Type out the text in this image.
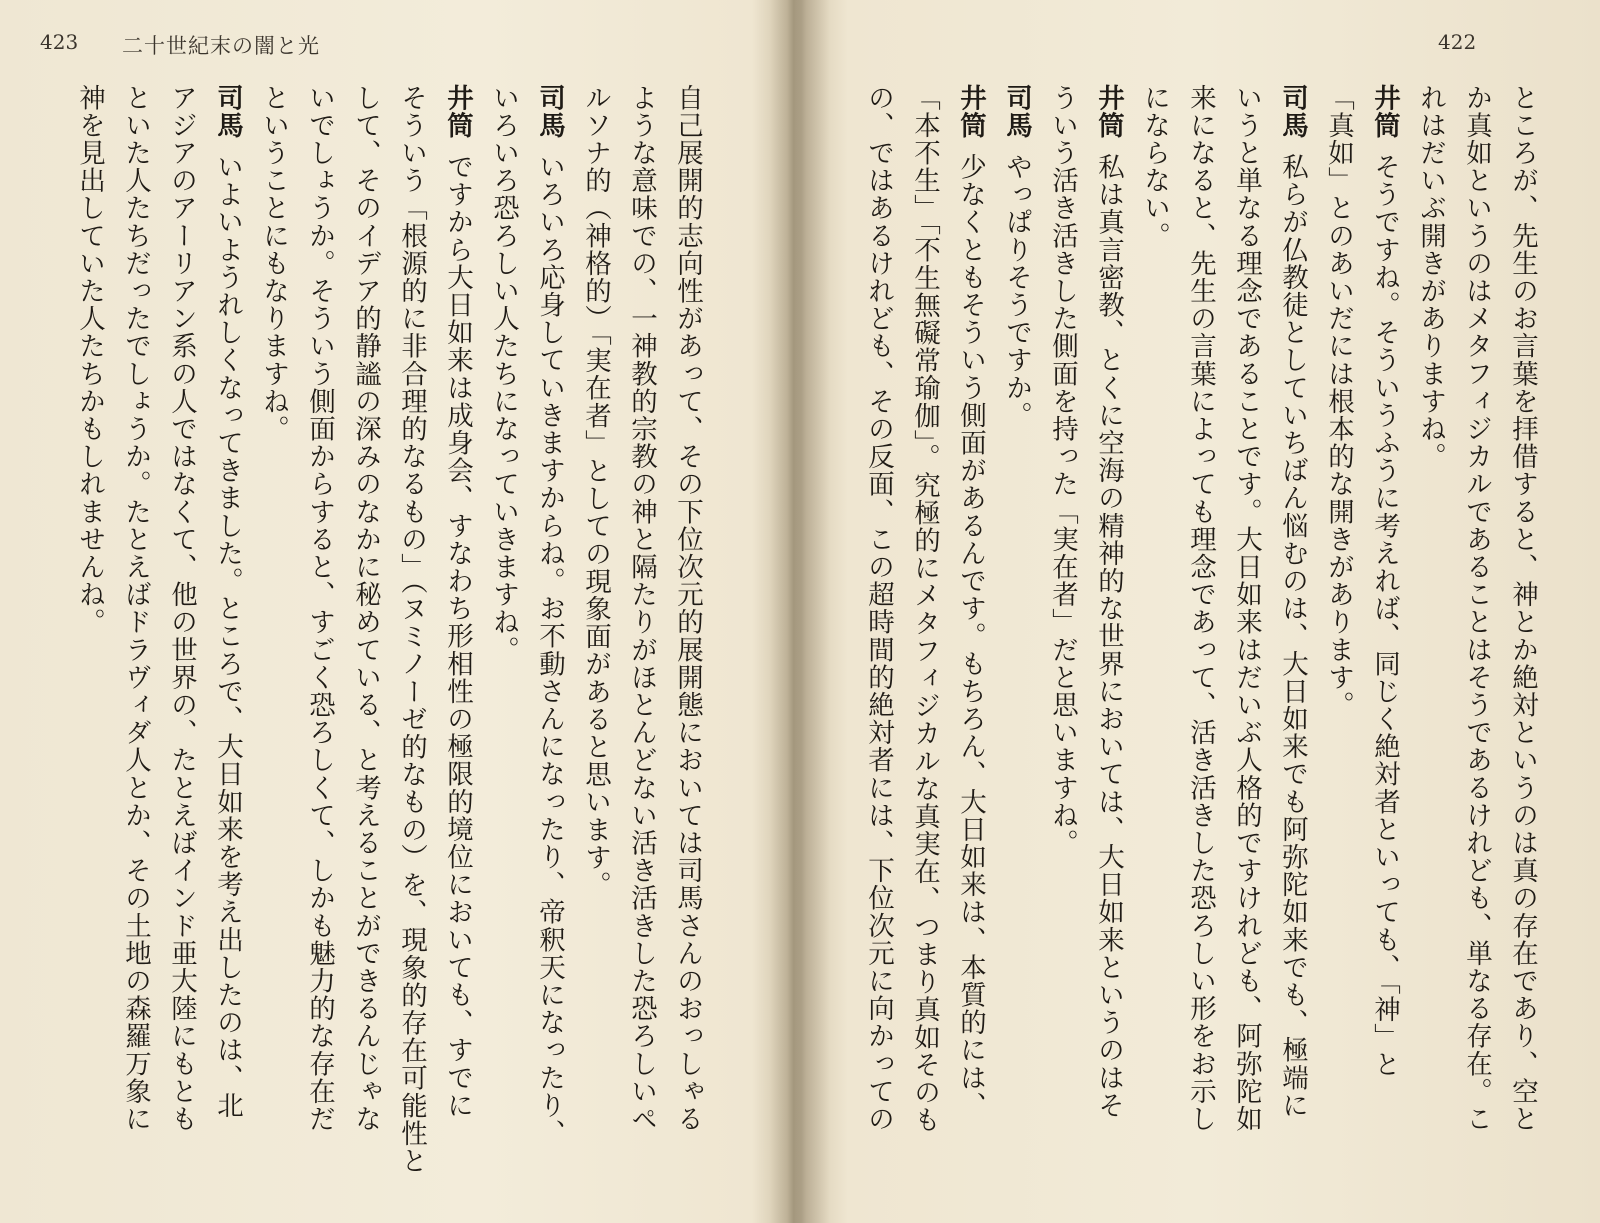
423 二十世紀末の闇と光	422
自己展開的志向性があって、その下位次元的展開態においては司馬さんのおっしゃる
ような意味での、一神教的宗教の神と隔たりがほとんどない活き活きした恐ろしいペ
ルソナ的（神格的）「実在者」としての現象面があると思います。
司馬いろいろ応身していきますからね。お不動さんになったり、帝釈天になったり、
いろいろ恐ろしい人たちになっていきますね。
井筒ですから大日如来は成身会、すなわち形相性の極限的境位においても、すでに
そういう「根源的に非合理的なるもの」（ヌミノーゼ的なもの）を、現象的存在可能性と
して、そのイデア的静謐の深みのなかに秘めている、と考えることができるんじゃな
いでしょうか。そういう側面からすると、すごく恐ろしくて、しかも魅力的な存在だ
ということにもなりますね。
司馬いよいようれしくなってきました。ところで、大日如来を考え出したのは、北
アジアのアーリアン系の人ではなくて、他の世界の、たとえばインド亜大陸にもとも
といた人たちだったでしょうか。たとえばドラヴィダ人とか、その土地の森羅万象に
神を見出していた人たちかもしれませんね。	ところが、先生のお言葉を拝借すると、神とか絶対というのは真の存在であり、空と
か真如というのはメタフィジカルであることはそうであるけれども、単なる存在。こ
れはだいぶ開きがありますね。
井筒そうですね。そういうふうに考えれば、同じく絶対者といっても、「神」と
「真如」とのあいだには根本的な開きがあります。
司馬私らが仏教徒としていちばん悩むのは、大日如来でも阿弥陀如来でも、極端に
いうと単なる理念であることです。大日如来はだいぶ人格的ですけれども、阿弥陀如
来になると、先生の言葉によっても理念であって、活き活きした恐ろしい形をお示し
にならない。
井筒私は真言密教、とくに空海の精神的な世界においては、大日如来というのはそ
ういう活き活きした側面を持った「実在者」だと思いますね。
司馬やっぱりそうですか。
井筒少なくともそういう側面があるんです。もちろん、大日如来は、本質的には、
「本不生」「不生無礙常瑜伽」。究極的にメタフィジカルな真実在、つまり真如そのも
の、ではあるけれども、その反面、この超時間的絶対者には、下位次元に向かっての
